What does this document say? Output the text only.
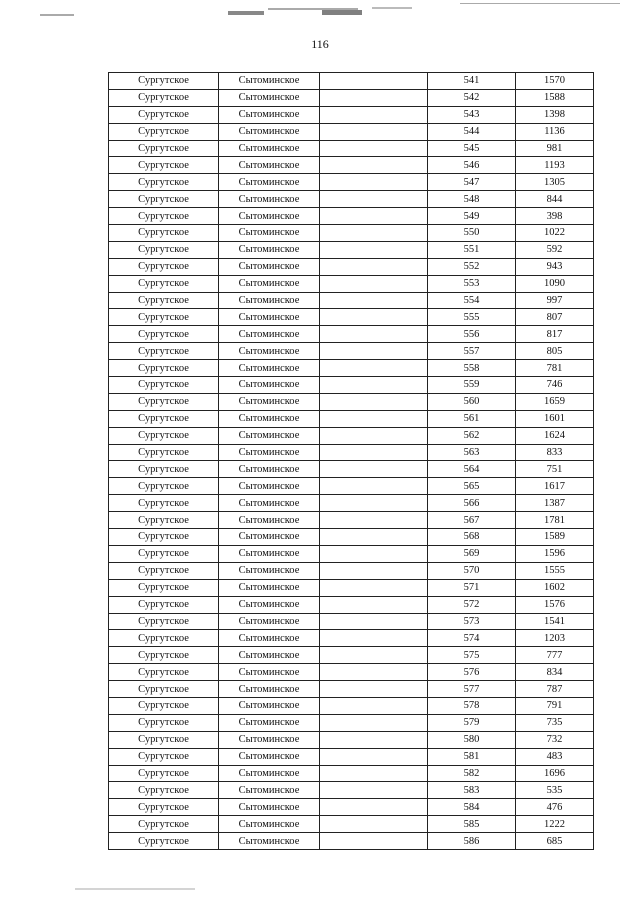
116
Сургутское	Сытоминское		541	1570
Сургутское	Сытоминское		542	1588
Сургутское	Сытоминское		543	1398
Сургутское	Сытоминское		544	1136
Сургутское	Сытоминское		545	981
Сургутское	Сытоминское		546	1193
Сургутское	Сытоминское		547	1305
Сургутское	Сытоминское		548	844
Сургутское	Сытоминское		549	398
Сургутское	Сытоминское		550	1022
Сургутское	Сытоминское		551	592
Сургутское	Сытоминское		552	943
Сургутское	Сытоминское		553	1090
Сургутское	Сытоминское		554	997
Сургутское	Сытоминское		555	807
Сургутское	Сытоминское		556	817
Сургутское	Сытоминское		557	805
Сургутское	Сытоминское		558	781
Сургутское	Сытоминское		559	746
Сургутское	Сытоминское		560	1659
Сургутское	Сытоминское		561	1601
Сургутское	Сытоминское		562	1624
Сургутское	Сытоминское		563	833
Сургутское	Сытоминское		564	751
Сургутское	Сытоминское		565	1617
Сургутское	Сытоминское		566	1387
Сургутское	Сытоминское		567	1781
Сургутское	Сытоминское		568	1589
Сургутское	Сытоминское		569	1596
Сургутское	Сытоминское		570	1555
Сургутское	Сытоминское		571	1602
Сургутское	Сытоминское		572	1576
Сургутское	Сытоминское		573	1541
Сургутское	Сытоминское		574	1203
Сургутское	Сытоминское		575	777
Сургутское	Сытоминское		576	834
Сургутское	Сытоминское		577	787
Сургутское	Сытоминское		578	791
Сургутское	Сытоминское		579	735
Сургутское	Сытоминское		580	732
Сургутское	Сытоминское		581	483
Сургутское	Сытоминское		582	1696
Сургутское	Сытоминское		583	535
Сургутское	Сытоминское		584	476
Сургутское	Сытоминское		585	1222
Сургутское	Сытоминское		586	685
